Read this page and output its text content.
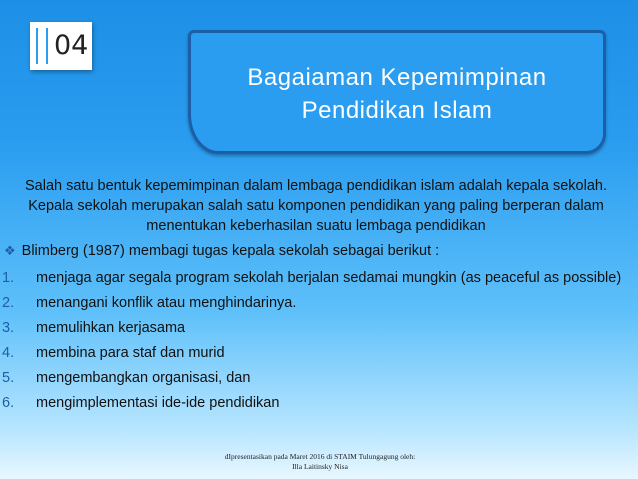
04
Bagaiaman Kepemimpinan
Pendidikan Islam
Salah satu bentuk kepemimpinan dalam lembaga pendidikan islam adalah kepala sekolah. Kepala sekolah merupakan salah satu komponen pendidikan yang paling berperan dalam menentukan keberhasilan suatu lembaga pendidikan
❖ Blimberg (1987) membagi tugas kepala sekolah sebagai berikut :
1. menjaga agar segala program sekolah berjalan sedamai mungkin (as peaceful as possible)
2. menangani konflik atau menghindarinya.
3. memulihkan kerjasama
4. membina para staf dan murid
5. mengembangkan organisasi, dan
6. mengimplementasi ide-ide pendidikan
dIpresentasikan pada Maret 2016 di STAIM Tulungagung oleh:
Illa Laitinsky Nisa
